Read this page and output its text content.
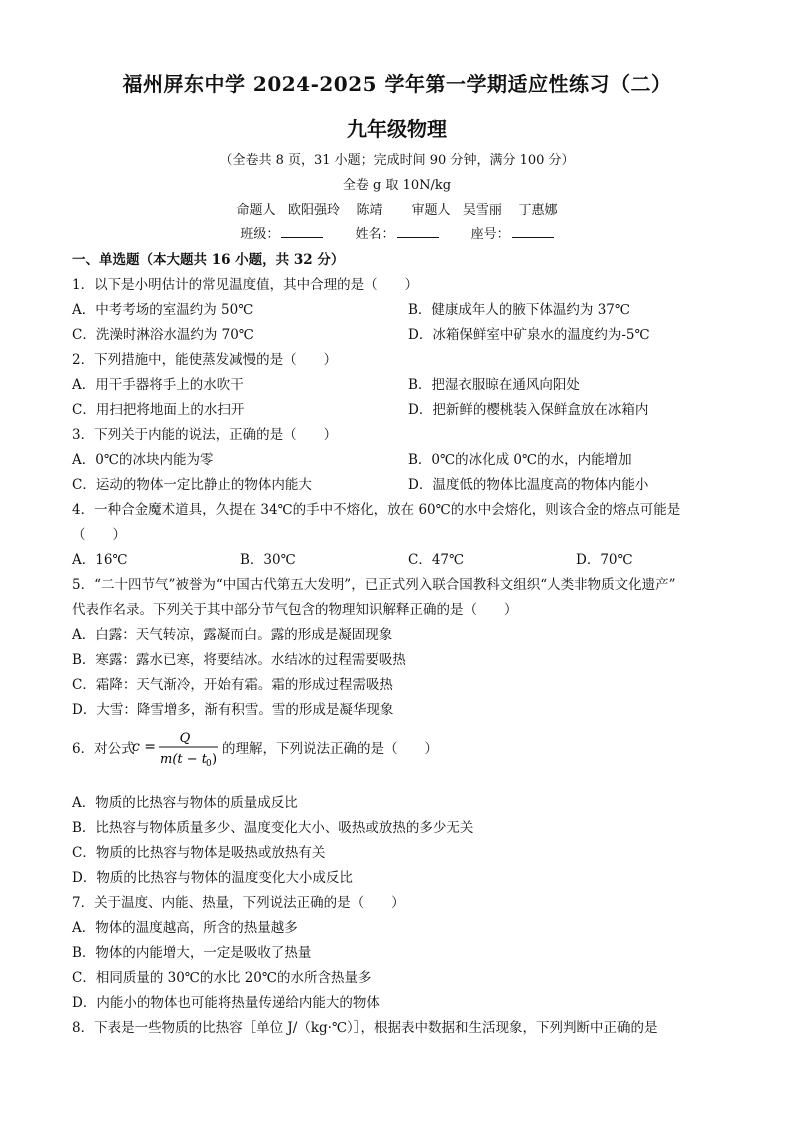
福州屏东中学 2024-2025 学年第一学期适应性练习（二）
九年级物理
（全卷共 8 页，31 小题；完成时间 90 分钟，满分 100 分）
全卷 g 取 10N/kg
命题人 欧阳强玲 陈靖 审题人 吴雪丽 丁惠娜
班级：	姓名：	座号：
一、单选题（本大题共 16 小题，共 32 分）
1．以下是小明估计的常见温度值，其中合理的是（　　）
A．中考考场的室温约为 50℃	B．健康成年人的腋下体温约为 37℃
C．洗澡时淋浴水温约为 70℃	D．冰箱保鲜室中矿泉水的温度约为-5℃
2．下列措施中，能使蒸发减慢的是（　　）
A．用干手器将手上的水吹干	B．把湿衣服晾在通风向阳处
C．用扫把将地面上的水扫开	D．把新鲜的樱桃装入保鲜盒放在冰箱内
3．下列关于内能的说法，正确的是（　　）
A．0℃的冰块内能为零	B．0℃的冰化成 0℃的水，内能增加
C．运动的物体一定比静止的物体内能大	D．温度低的物体比温度高的物体内能小
4．一种合金魔术道具，久提在 34℃的手中不熔化，放在 60℃的水中会熔化，则该合金的熔点可能是
（　　）
A．16℃	B．30℃	C．47℃	D．70℃
5．“二十四节气”被誉为“中国古代第五大发明”，已正式列入联合国教科文组织“人类非物质文化遗产”
代表作名录。下列关于其中部分节气包含的物理知识解释正确的是（　　）
A．白露：天气转凉，露凝而白。露的形成是凝固现象
B．寒露：露水已寒，将要结冰。水结冰的过程需要吸热
C．霜降：天气渐冷，开始有霜。霜的形成过程需吸热
D．大雪：降雪增多，渐有积雪。雪的形成是凝华现象
6．对公式
c =
Q
m(t − t
0 )
的理解，下列说法正确的是（　　）
A．物质的比热容与物体的质量成反比
B．比热容与物体质量多少、温度变化大小、吸热或放热的多少无关
C．物质的比热容与物体是吸热或放热有关
D．物质的比热容与物体的温度变化大小成反比
7．关于温度、内能、热量，下列说法正确的是（　　）
A．物体的温度越高，所含的热量越多
B．物体的内能增大，一定是吸收了热量
C．相同质量的 30℃的水比 20℃的水所含热量多
D．内能小的物体也可能将热量传递给内能大的物体
8．下表是一些物质的比热容［单位 J/（kg·℃）］，根据表中数据和生活现象，下列判断中正确的是
